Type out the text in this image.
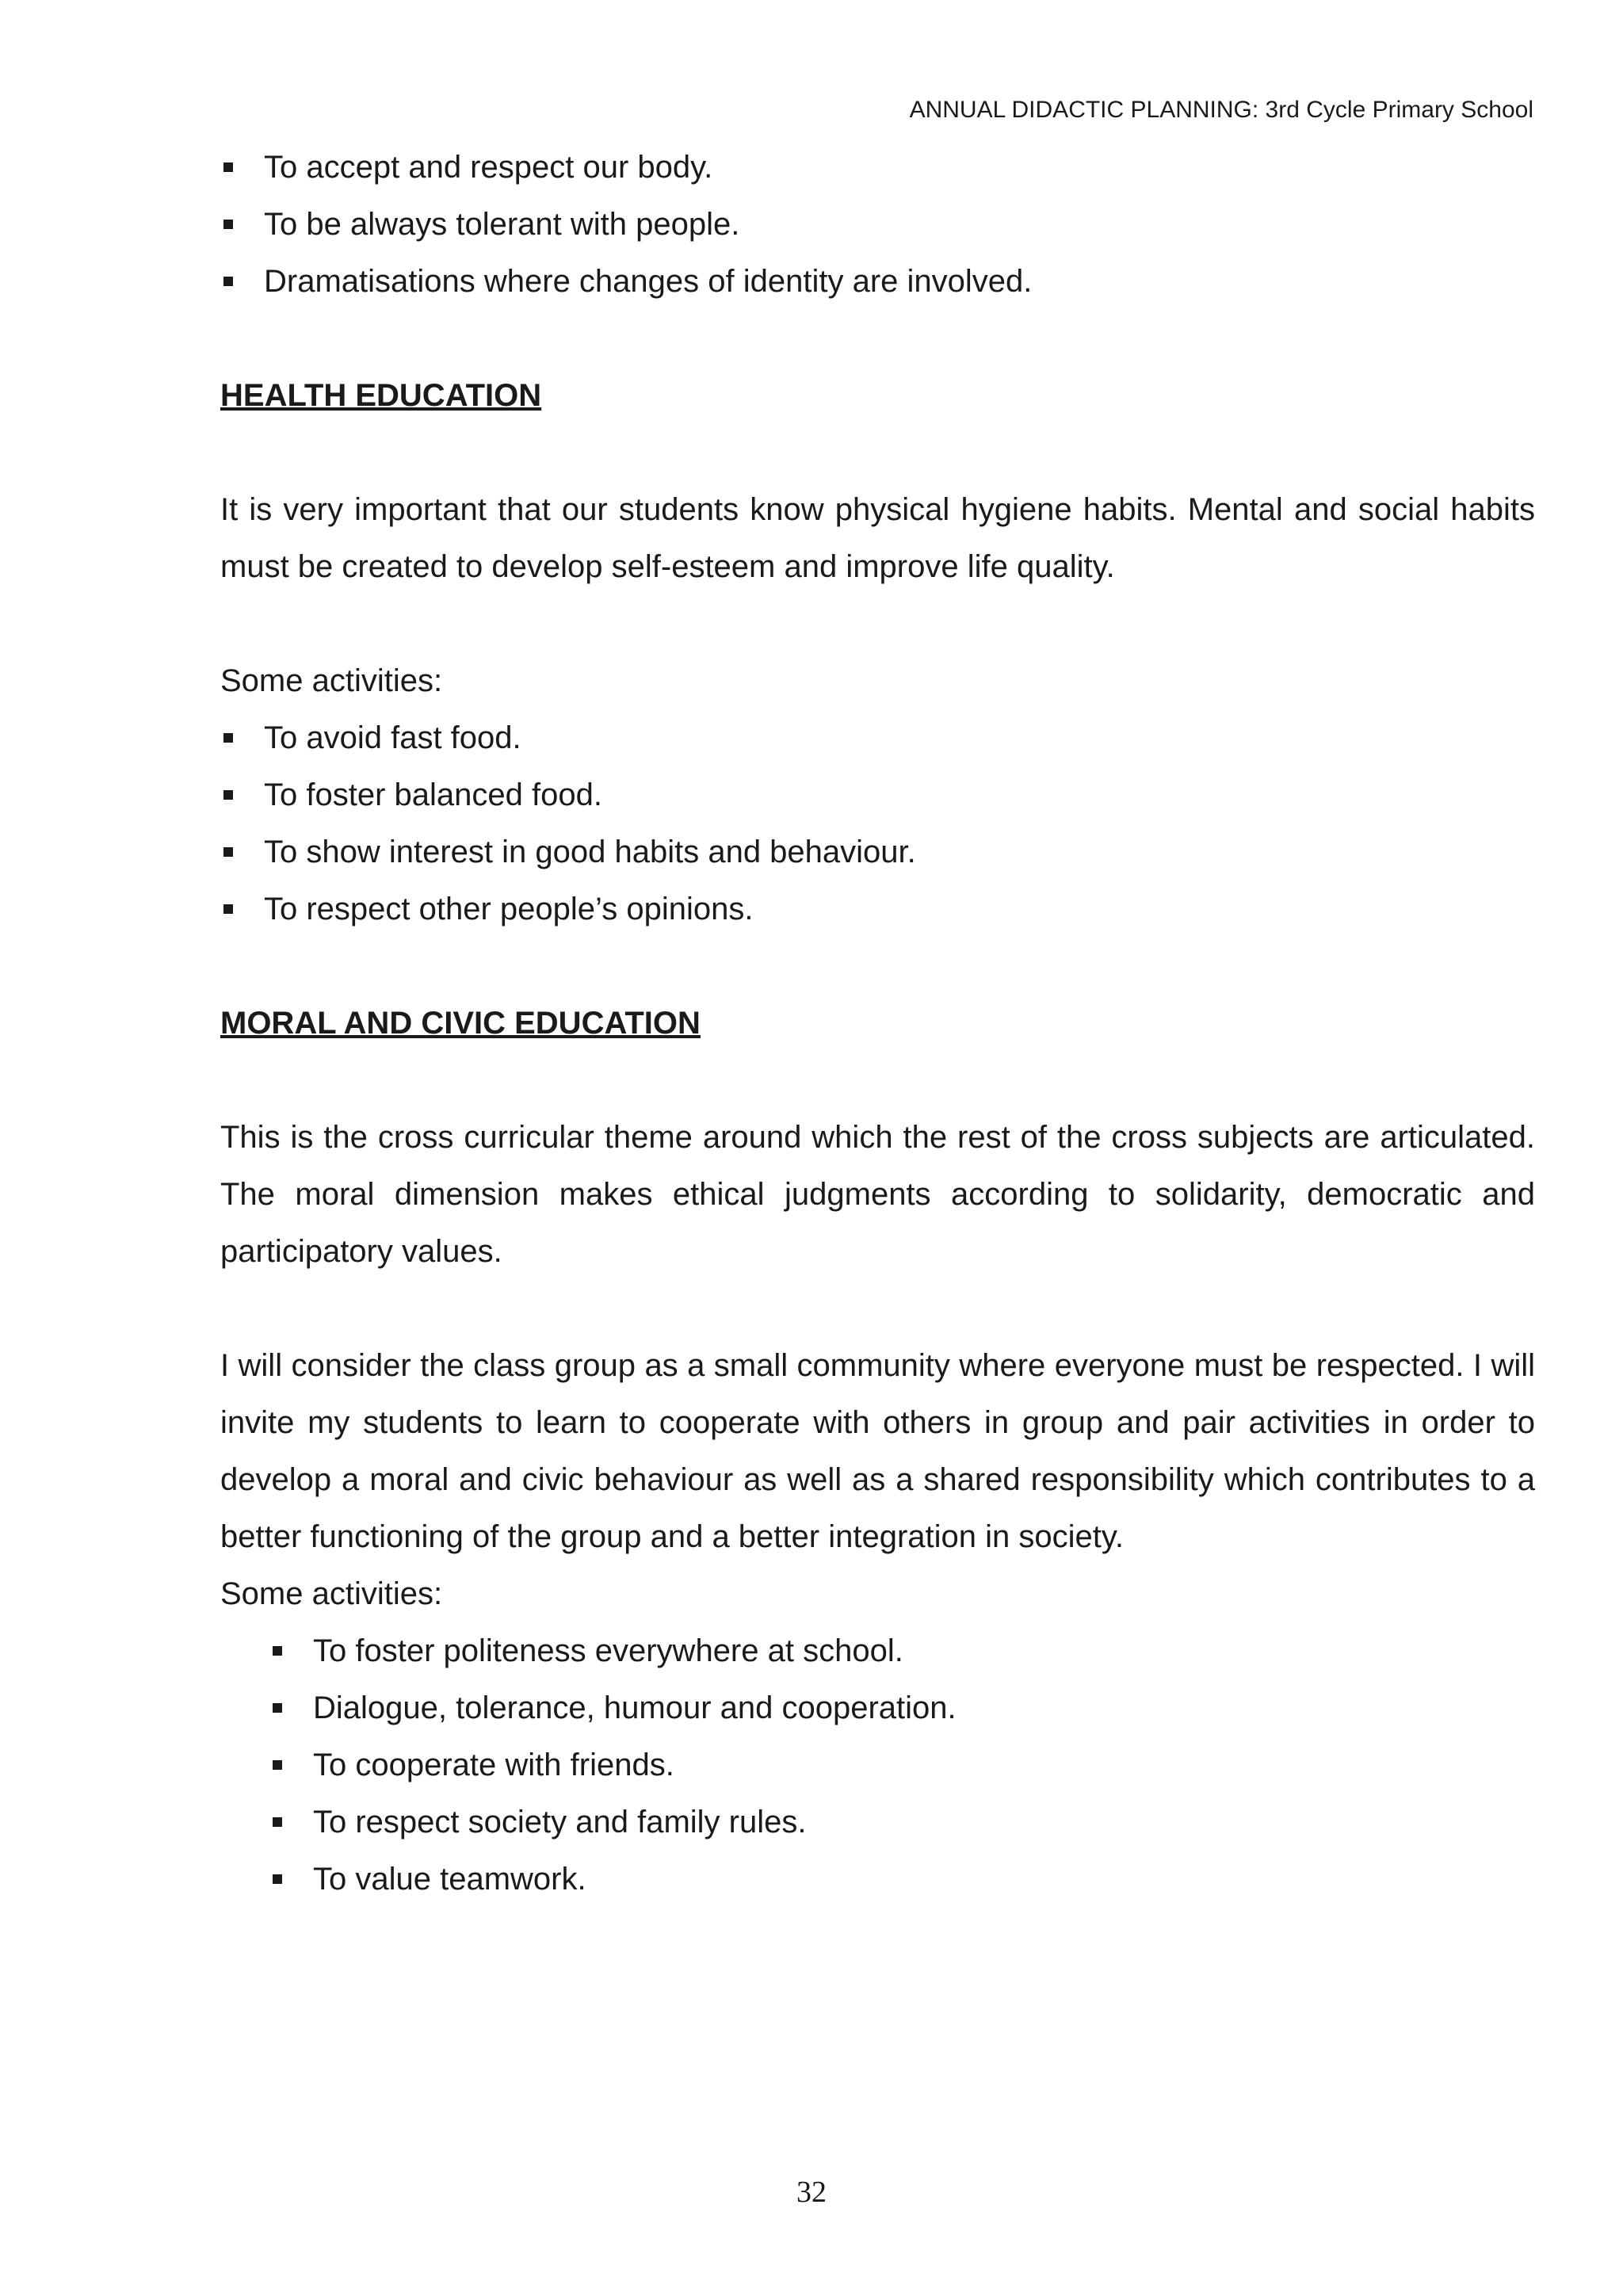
ANNUAL DIDACTIC PLANNING: 3rd Cycle Primary School
To accept and respect our body.
To be always tolerant with people.
Dramatisations where changes of identity are involved.
HEALTH EDUCATION

It is very important that our students know physical hygiene habits. Mental and social habits must be created to develop self-esteem and improve life quality.

Some activities:
To avoid fast food.
To foster balanced food.
To show interest in good habits and behaviour.
To respect other people’s opinions.
MORAL AND CIVIC EDUCATION

This is the cross curricular theme around which the rest of the cross subjects are articulated. The moral dimension makes ethical judgments according to solidarity, democratic and participatory values.

I will consider the class group as a small community where everyone must be respected. I will invite my students to learn to cooperate with others in group and pair activities in order to develop a moral and civic behaviour as well as a shared responsibility which contributes to a better functioning of the group and a better integration in society.

Some activities:
To foster politeness everywhere at school.
Dialogue, tolerance, humour and cooperation.
To cooperate with friends.
To respect society and family rules.
To value teamwork.
32
